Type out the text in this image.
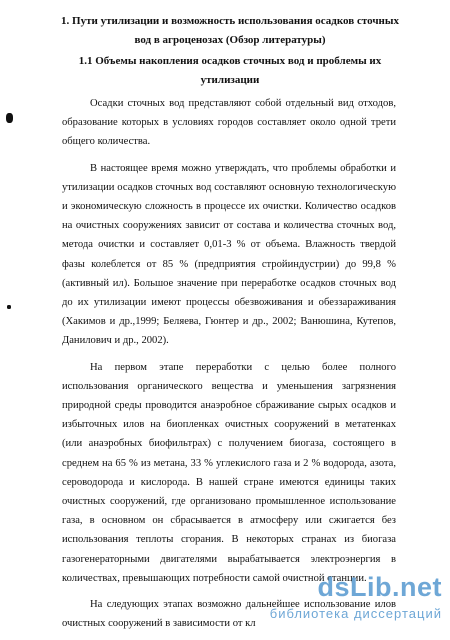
1. Пути утилизации и возможность использования осадков сточных вод в агроценозах (Обзор литературы)
1.1 Объемы накопления осадков сточных вод и проблемы их утилизации

Осадки сточных вод представляют собой отдельный вид отходов, образование которых в условиях городов составляет около одной трети общего количества.

В настоящее время можно утверждать, что проблемы обработки и утилизации осадков сточных вод составляют основную технологическую и экономическую сложность в процессе их очистки. Количество осадков на очистных сооружениях зависит от состава и количества сточных вод, метода очистки и составляет 0,01-3 % от объема. Влажность твердой фазы колеблется от 85 % (предприятия стройиндустрии) до 99,8 % (активный ил). Большое значение при переработке осадков сточных вод до их утилизации имеют процессы обезвоживания и обеззараживания (Хакимов и др.,1999; Беляева, Гюнтер и др., 2002; Ванюшина, Кутепов, Данилович и др., 2002).

На первом этапе переработки с целью более полного использования органического вещества и уменьшения загрязнения природной среды проводится анаэробное сбраживание сырых осадков и избыточных илов на биопленках очистных сооружений в метатенках (или анаэробных биофильтрах) с получением биогаза, состоящего в среднем на 65 % из метана, 33 % углекислого газа и 2 % водорода, азота, сероводорода и кислорода. В нашей стране имеются единицы таких очистных сооружений, где организовано промышленное использование газа, в основном он сбрасывается в атмосферу или сжигается без использования теплоты сгорания. В некоторых странах из биогаза газогенераторными двигателями вырабатывается электроэнергия в количествах, превышающих потребности самой очистной станции.

На следующих этапах возможно дальнейшее использование илов очистных сооружений в зависимости от кл

dsLib.net
библиотека диссертаций
